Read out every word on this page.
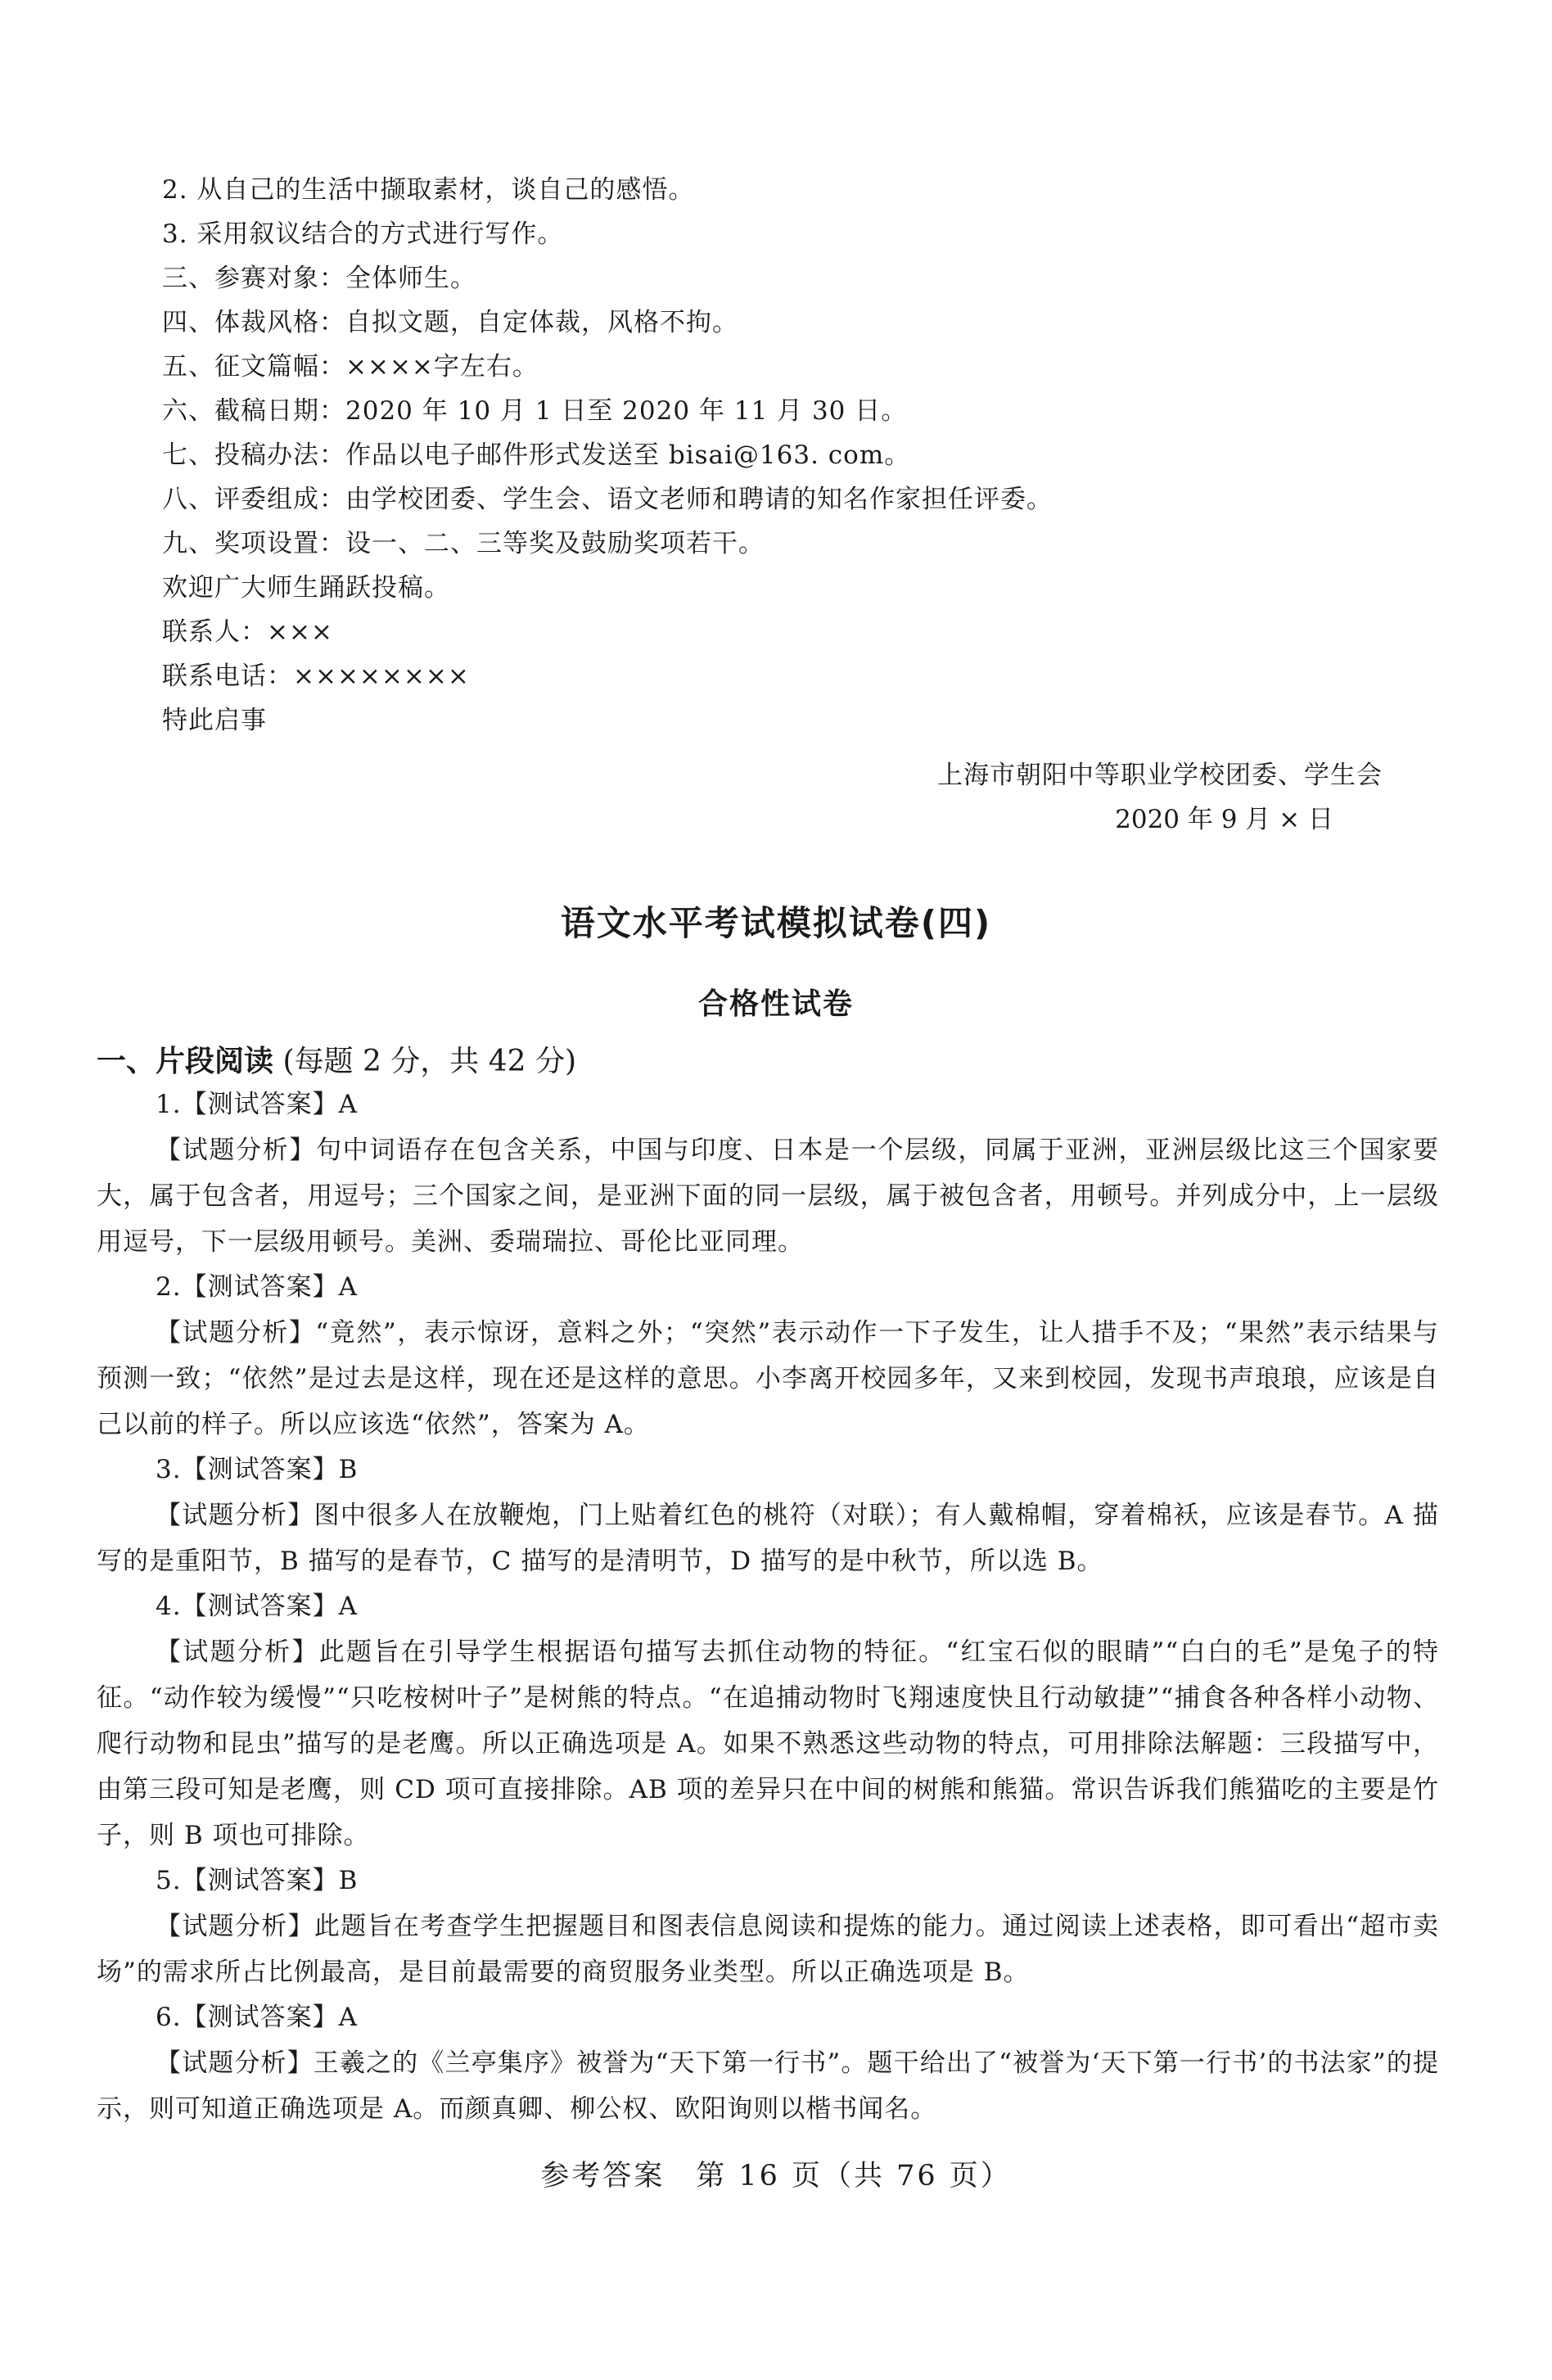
2. 从自己的生活中撷取素材，谈自己的感悟。
3. 采用叙议结合的方式进行写作。
三、参赛对象：全体师生。
四、体裁风格：自拟文题，自定体裁，风格不拘。
五、征文篇幅：××××字左右。
六、截稿日期：2020 年 10 月 1 日至 2020 年 11 月 30 日。
七、投稿办法：作品以电子邮件形式发送至 bisai@163. com。
八、评委组成：由学校团委、学生会、语文老师和聘请的知名作家担任评委。
九、奖项设置：设一、二、三等奖及鼓励奖项若干。
欢迎广大师生踊跃投稿。
联系人：×××
联系电话：××××××××
特此启事
上海市朝阳中等职业学校团委、学生会
2020 年 9 月 × 日
语文水平考试模拟试卷(四)
合格性试卷
一、片段阅读 (每题 2 分，共 42 分)
1.【测试答案】A

【试题分析】句中词语存在包含关系，中国与印度、日本是一个层级，同属于亚洲，亚洲层级比这三个国家要大，属于包含者，用逗号；三个国家之间，是亚洲下面的同一层级，属于被包含者，用顿号。并列成分中，上一层级用逗号，下一层级用顿号。美洲、委瑞瑞拉、哥伦比亚同理。

2.【测试答案】A

【试题分析】“竟然”，表示惊讶，意料之外；“突然”表示动作一下子发生，让人措手不及；“果然”表示结果与预测一致；“依然”是过去是这样，现在还是这样的意思。小李离开校园多年，又来到校园，发现书声琅琅，应该是自己以前的样子。所以应该选“依然”，答案为 A。

3.【测试答案】B

【试题分析】图中很多人在放鞭炮，门上贴着红色的桃符（对联）；有人戴棉帽，穿着棉袄，应该是春节。A 描写的是重阳节，B 描写的是春节，C 描写的是清明节，D 描写的是中秋节，所以选 B。

4.【测试答案】A

【试题分析】此题旨在引导学生根据语句描写去抓住动物的特征。“红宝石似的眼睛”“白白的毛”是兔子的特征。“动作较为缓慢”“只吃桉树叶子”是树熊的特点。“在追捕动物时飞翔速度快且行动敏捷”“捕食各种各样小动物、爬行动物和昆虫”描写的是老鹰。所以正确选项是 A。如果不熟悉这些动物的特点，可用排除法解题：三段描写中，由第三段可知是老鹰，则 CD 项可直接排除。AB 项的差异只在中间的树熊和熊猫。常识告诉我们熊猫吃的主要是竹子，则 B 项也可排除。

5.【测试答案】B

【试题分析】此题旨在考查学生把握题目和图表信息阅读和提炼的能力。通过阅读上述表格，即可看出“超市卖场”的需求所占比例最高，是目前最需要的商贸服务业类型。所以正确选项是 B。

6.【测试答案】A

【试题分析】王羲之的《兰亭集序》被誉为“天下第一行书”。题干给出了“被誉为‘天下第一行书’的书法家”的提示，则可知道正确选项是 A。而颜真卿、柳公权、欧阳询则以楷书闻名。

参考答案　第 16 页（共 76 页）
